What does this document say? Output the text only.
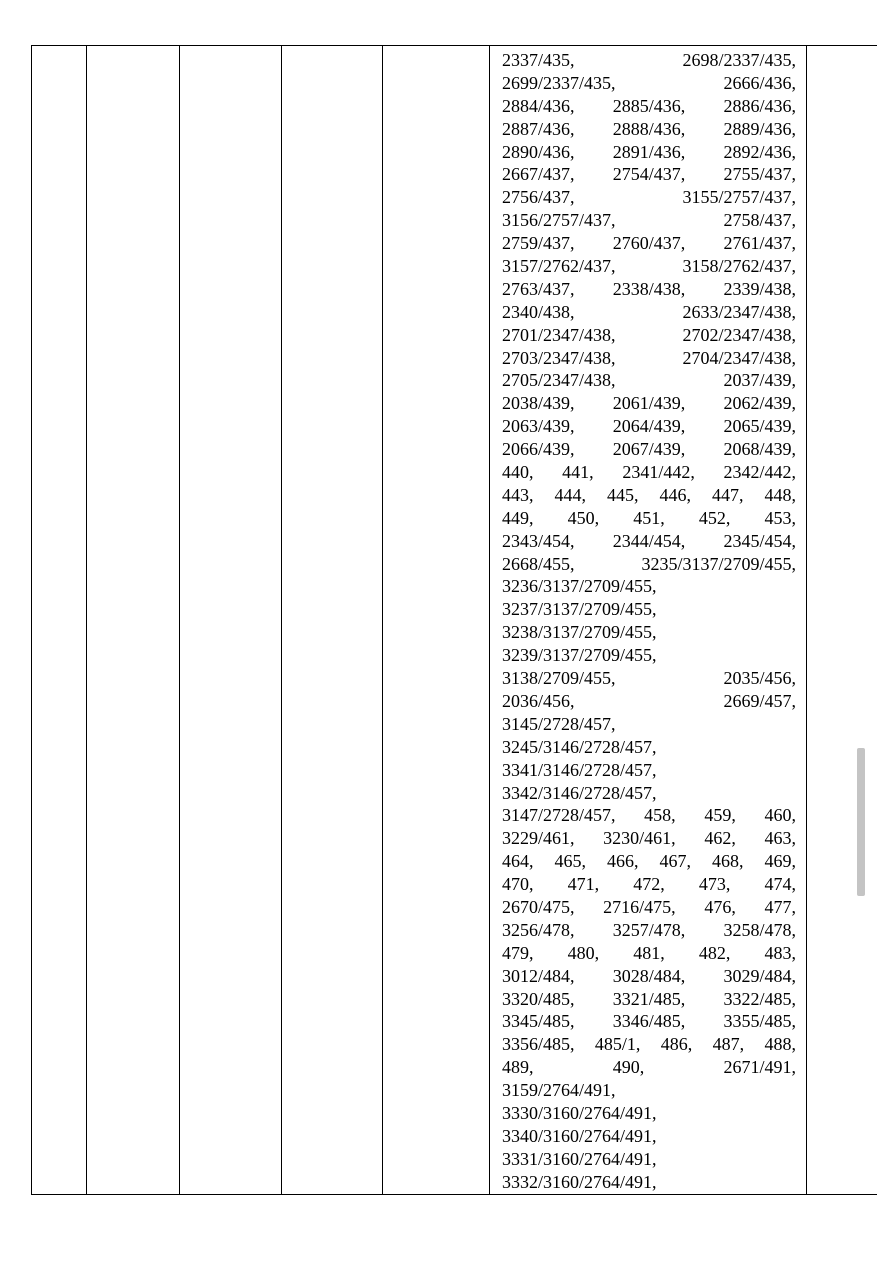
2337/435,	2698/2337/435,
2699/2337/435,	2666/436,
2884/436, 2885/436, 2886/436,
2887/436, 2888/436, 2889/436,
2890/436, 2891/436, 2892/436,
2667/437, 2754/437, 2755/437,
2756/437,	3155/2757/437,
3156/2757/437,	2758/437,
2759/437, 2760/437, 2761/437,
3157/2762/437,	3158/2762/437,
2763/437, 2338/438, 2339/438,
2340/438,	2633/2347/438,
2701/2347/438,	2702/2347/438,
2703/2347/438,	2704/2347/438,
2705/2347/438,	2037/439,
2038/439, 2061/439, 2062/439,
2063/439, 2064/439, 2065/439,
2066/439, 2067/439, 2068/439,
440, 441, 2341/442, 2342/442,
443, 444, 445, 446, 447, 448,
449, 450, 451, 452, 453,
2343/454, 2344/454, 2345/454,
2668/455,	3235/3137/2709/455,
3236/3137/2709/455,
3237/3137/2709/455,
3238/3137/2709/455,
3239/3137/2709/455,
3138/2709/455,	2035/456,
2036/456,	2669/457,
3145/2728/457,
3245/3146/2728/457,
3341/3146/2728/457,
3342/3146/2728/457,
3147/2728/457, 458, 459, 460,
3229/461, 3230/461, 462, 463,
464, 465, 466, 467, 468, 469,
470, 471, 472, 473, 474,
2670/475, 2716/475, 476, 477,
3256/478, 3257/478, 3258/478,
479, 480, 481, 482, 483,
3012/484, 3028/484, 3029/484,
3320/485, 3321/485, 3322/485,
3345/485, 3346/485, 3355/485,
3356/485, 485/1, 486, 487, 488,
489,	490,	2671/491,
3159/2764/491,
3330/3160/2764/491,
3340/3160/2764/491,
3331/3160/2764/491,
3332/3160/2764/491,
